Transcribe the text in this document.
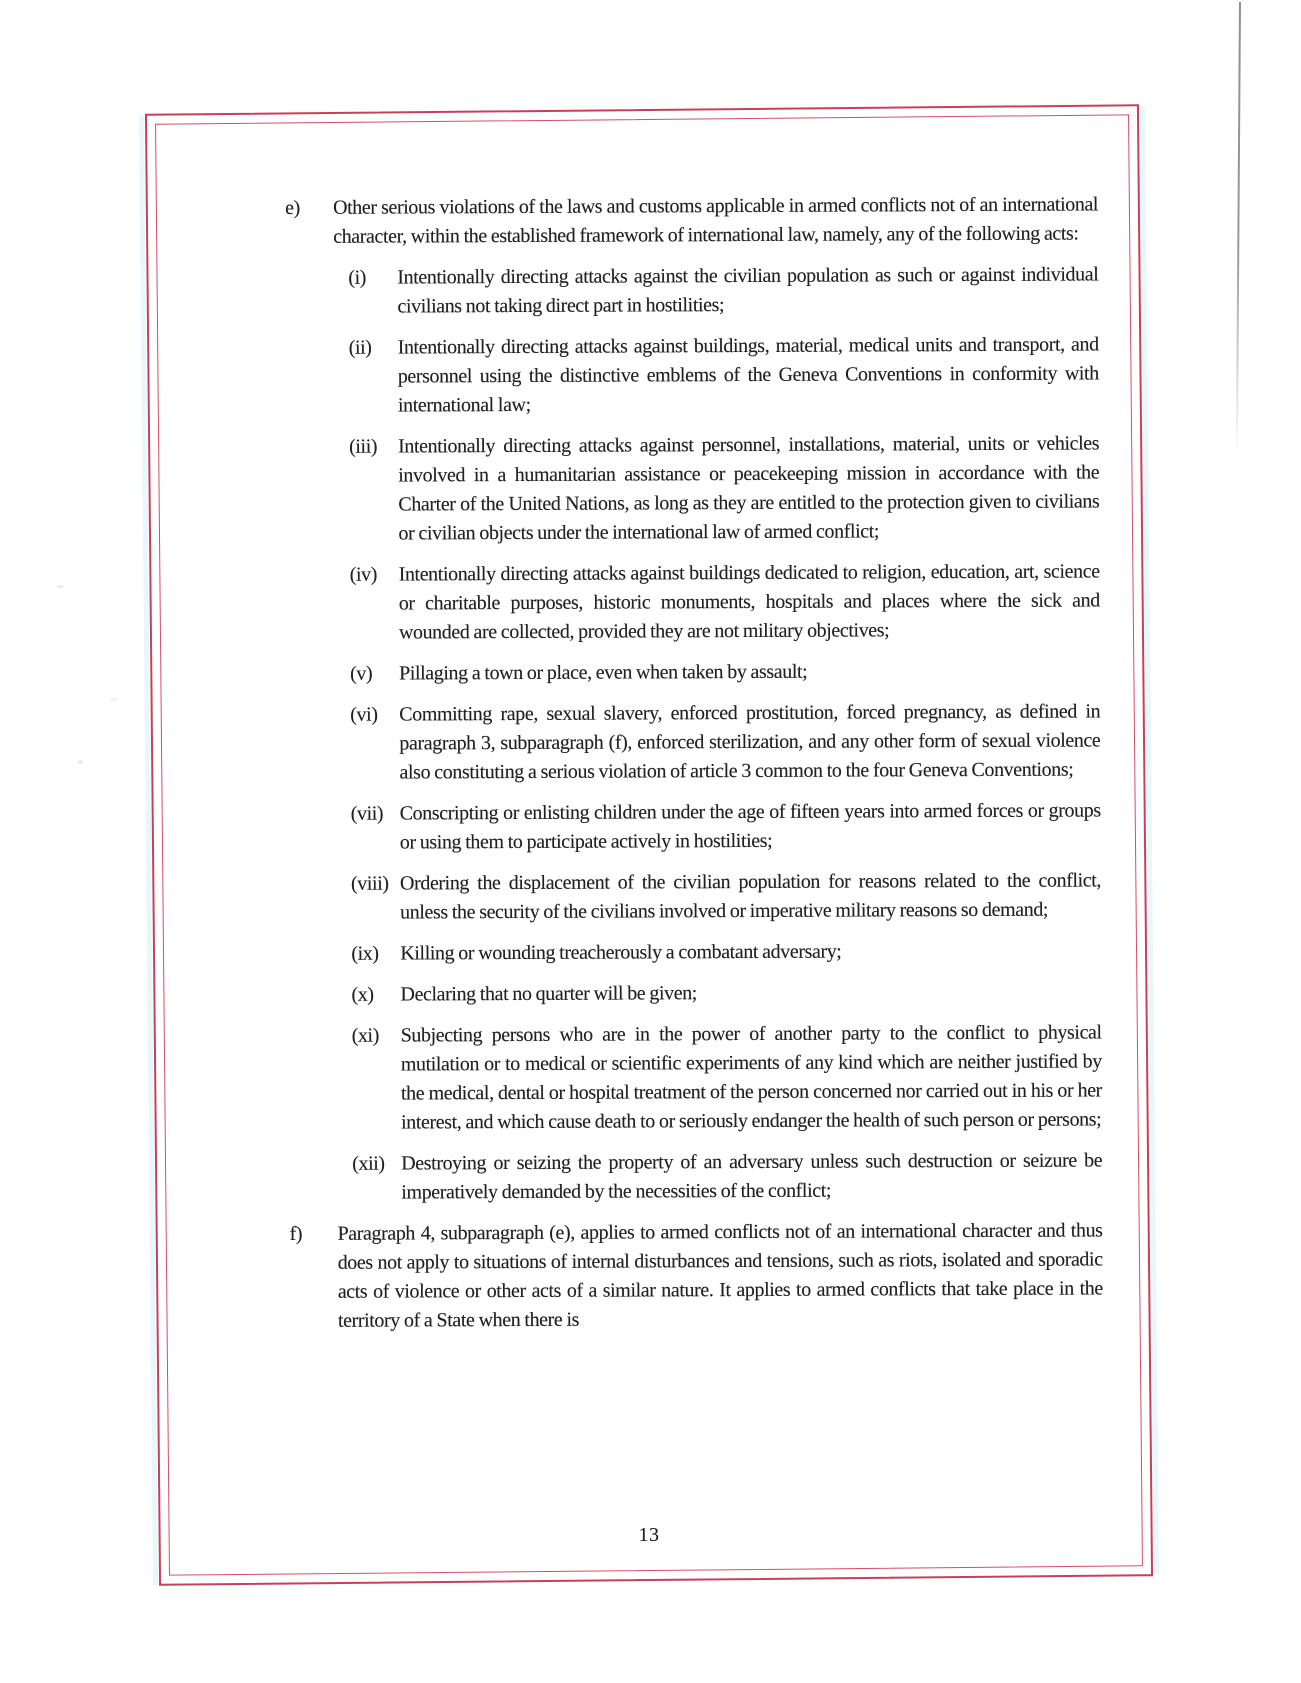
e)	Other serious violations of the laws and customs applicable in armed conflicts not of an international character, within the established framework of international law, namely, any of the following acts:
(i)	Intentionally directing attacks against the civilian population as such or against individual civilians not taking direct part in hostilities;
(ii)	Intentionally directing attacks against buildings, material, medical units and transport, and personnel using the distinctive emblems of the Geneva Conventions in conformity with international law;
(iii)	Intentionally directing attacks against personnel, installations, material, units or vehicles involved in a humanitarian assistance or peacekeeping mission in accordance with the Charter of the United Nations, as long as they are entitled to the protection given to civilians or civilian objects under the international law of armed conflict;
(iv)	Intentionally directing attacks against buildings dedicated to religion, education, art, science or charitable purposes, historic monuments, hospitals and places where the sick and wounded are collected, provided they are not military objectives;
(v)	Pillaging a town or place, even when taken by assault;
(vi)	Committing rape, sexual slavery, enforced prostitution, forced pregnancy, as defined in paragraph 3, subparagraph (f), enforced sterilization, and any other form of sexual violence also constituting a serious violation of article 3 common to the four Geneva Conventions;
(vii) Conscripting or enlisting children under the age of fifteen years into armed forces or groups or using them to participate actively in hostilities;
(viii) Ordering the displacement of the civilian population for reasons related to the conflict, unless the security of the civilians involved or imperative military reasons so demand;
(ix)	Killing or wounding treacherously a combatant adversary;
(x)	Declaring that no quarter will be given;
(xi)	Subjecting persons who are in the power of another party to the conflict to physical mutilation or to medical or scientific experiments of any kind which are neither justified by the medical, dental or hospital treatment of the person concerned nor carried out in his or her interest, and which cause death to or seriously endanger the health of such person or persons;
(xii) Destroying or seizing the property of an adversary unless such destruction or seizure be imperatively demanded by the necessities of the conflict;
f)	Paragraph 4, subparagraph (e), applies to armed conflicts not of an international character and thus does not apply to situations of internal disturbances and tensions, such as riots, isolated and sporadic acts of violence or other acts of a similar nature. It applies to armed conflicts that take place in the territory of a State when there is
13
